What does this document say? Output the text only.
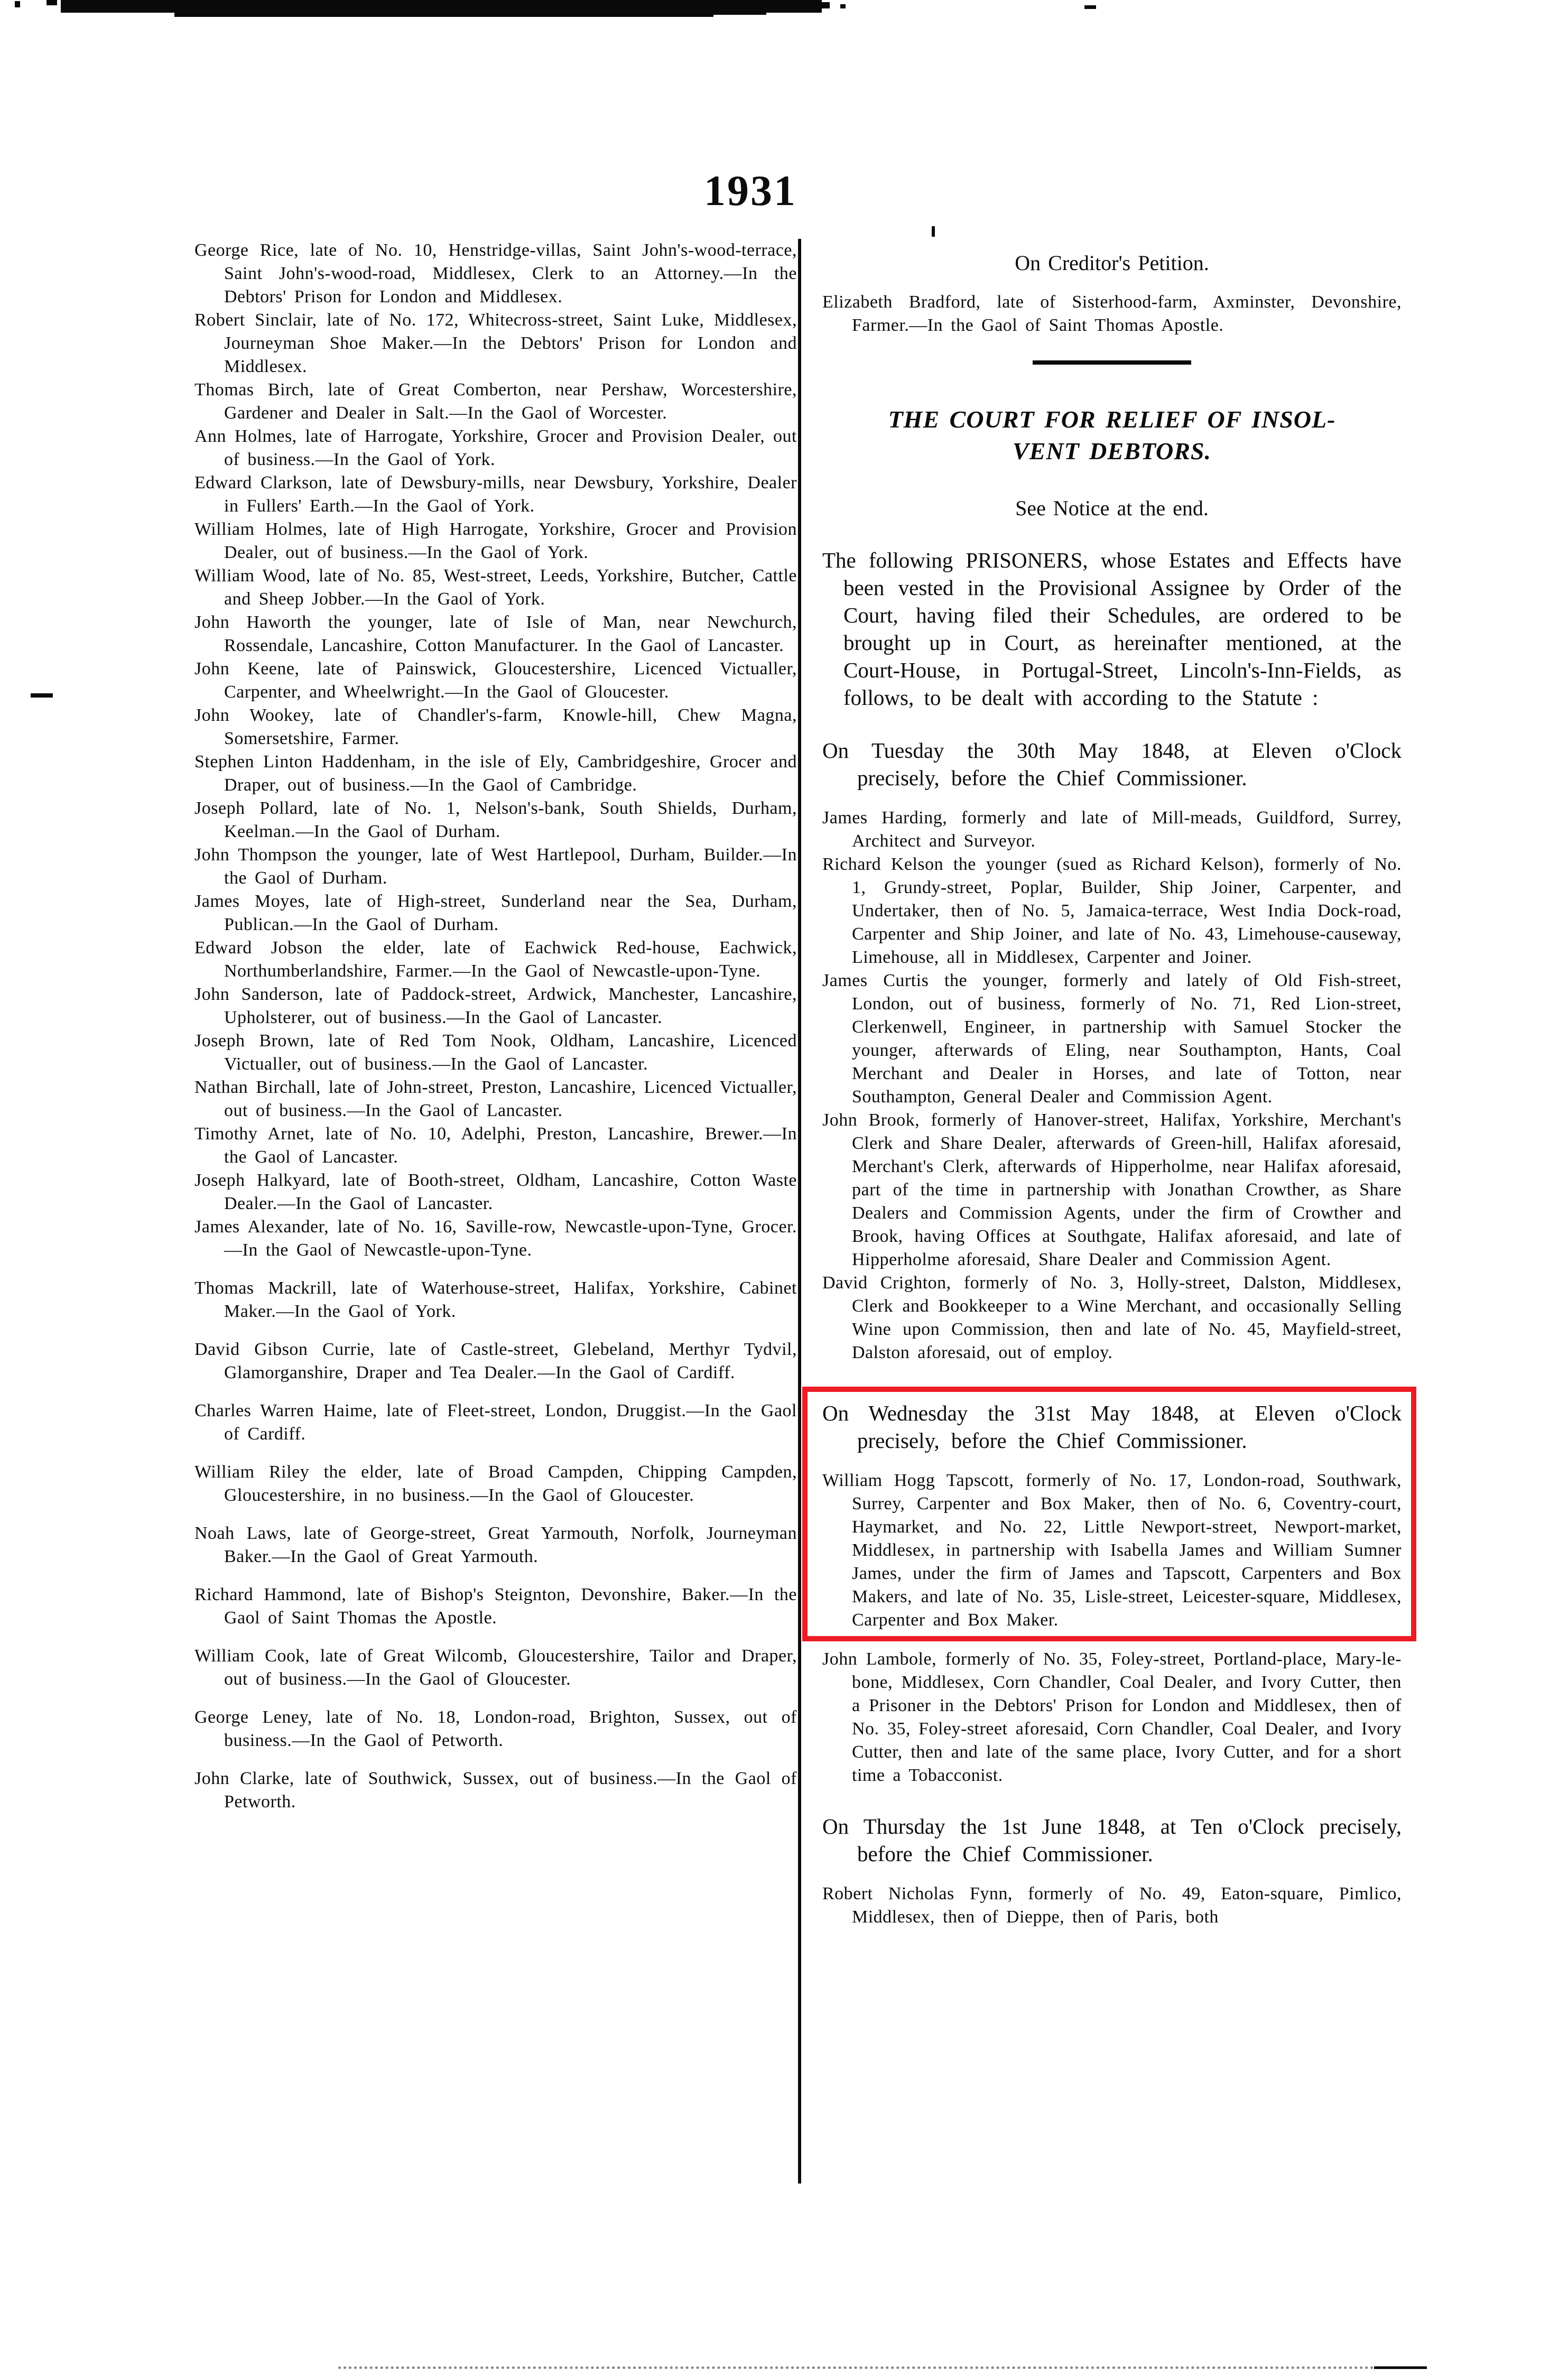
1931

George Rice, late of No. 10, Henstridge-villas, Saint John's-wood-terrace, Saint John's-wood-road, Middlesex, Clerk to an Attorney.—In the Debtors' Prison for London and Middlesex.

Robert Sinclair, late of No. 172, Whitecross-street, Saint Luke, Middlesex, Journeyman Shoe Maker.—In the Debtors' Prison for London and Middlesex.

Thomas Birch, late of Great Comberton, near Pershaw, Worcestershire, Gardener and Dealer in Salt.—In the Gaol of Worcester.

Ann Holmes, late of Harrogate, Yorkshire, Grocer and Provision Dealer, out of business.—In the Gaol of York.

Edward Clarkson, late of Dewsbury-mills, near Dewsbury, Yorkshire, Dealer in Fullers' Earth.—In the Gaol of York.

William Holmes, late of High Harrogate, Yorkshire, Grocer and Provision Dealer, out of business.—In the Gaol of York.

William Wood, late of No. 85, West-street, Leeds, Yorkshire, Butcher, Cattle and Sheep Jobber.—In the Gaol of York.

John Haworth the younger, late of Isle of Man, near Newchurch, Rossendale, Lancashire, Cotton Manufacturer. In the Gaol of Lancaster.

John Keene, late of Painswick, Gloucestershire, Licenced Victualler, Carpenter, and Wheelwright.—In the Gaol of Gloucester.

John Wookey, late of Chandler's-farm, Knowle-hill, Chew Magna, Somersetshire, Farmer.

Stephen Linton Haddenham, in the isle of Ely, Cambridgeshire, Grocer and Draper, out of business.—In the Gaol of Cambridge.

Joseph Pollard, late of No. 1, Nelson's-bank, South Shields, Durham, Keelman.—In the Gaol of Durham.

John Thompson the younger, late of West Hartlepool, Durham, Builder.—In the Gaol of Durham.

James Moyes, late of High-street, Sunderland near the Sea, Durham, Publican.—In the Gaol of Durham.

Edward Jobson the elder, late of Eachwick Red-house, Eachwick, Northumberlandshire, Farmer.—In the Gaol of Newcastle-upon-Tyne.

John Sanderson, late of Paddock-street, Ardwick, Manchester, Lancashire, Upholsterer, out of business.—In the Gaol of Lancaster.

Joseph Brown, late of Red Tom Nook, Oldham, Lancashire, Licenced Victualler, out of business.—In the Gaol of Lancaster.

Nathan Birchall, late of John-street, Preston, Lancashire, Licenced Victualler, out of business.—In the Gaol of Lancaster.

Timothy Arnet, late of No. 10, Adelphi, Preston, Lancashire, Brewer.—In the Gaol of Lancaster.

Joseph Halkyard, late of Booth-street, Oldham, Lancashire, Cotton Waste Dealer.—In the Gaol of Lancaster.

James Alexander, late of No. 16, Saville-row, Newcastle-upon-Tyne, Grocer.—In the Gaol of Newcastle-upon-Tyne.

Thomas Mackrill, late of Waterhouse-street, Halifax, Yorkshire, Cabinet Maker.—In the Gaol of York.

David Gibson Currie, late of Castle-street, Glebeland, Merthyr Tydvil, Glamorganshire, Draper and Tea Dealer.—In the Gaol of Cardiff.

Charles Warren Haime, late of Fleet-street, London, Druggist.—In the Gaol of Cardiff.

William Riley the elder, late of Broad Campden, Chipping Campden, Gloucestershire, in no business.—In the Gaol of Gloucester.

Noah Laws, late of George-street, Great Yarmouth, Norfolk, Journeyman Baker.—In the Gaol of Great Yarmouth.

Richard Hammond, late of Bishop's Steignton, Devonshire, Baker.—In the Gaol of Saint Thomas the Apostle.

William Cook, late of Great Wilcomb, Gloucestershire, Tailor and Draper, out of business.—In the Gaol of Gloucester.

George Leney, late of No. 18, London-road, Brighton, Sussex, out of business.—In the Gaol of Petworth.

John Clarke, late of Southwick, Sussex, out of business.—In the Gaol of Petworth.

On Creditor's Petition.

Elizabeth Bradford, late of Sisterhood-farm, Axminster, Devonshire, Farmer.—In the Gaol of Saint Thomas Apostle.

THE COURT FOR RELIEF OF INSOL-
VENT DEBTORS.

See Notice at the end.

The following PRISONERS, whose Estates and Effects have been vested in the Provisional Assignee by Order of the Court, having filed their Schedules, are ordered to be brought up in Court, as hereinafter mentioned, at the Court-House, in Portugal-Street, Lincoln's-Inn-Fields, as follows, to be dealt with according to the Statute :

On Tuesday the 30th May 1848, at Eleven o'Clock precisely, before the Chief Commissioner.

James Harding, formerly and late of Mill-meads, Guildford, Surrey, Architect and Surveyor.

Richard Kelson the younger (sued as Richard Kelson), formerly of No. 1, Grundy-street, Poplar, Builder, Ship Joiner, Carpenter, and Undertaker, then of No. 5, Jamaica-terrace, West India Dock-road, Carpenter and Ship Joiner, and late of No. 43, Limehouse-causeway, Limehouse, all in Middlesex, Carpenter and Joiner.

James Curtis the younger, formerly and lately of Old Fish-street, London, out of business, formerly of No. 71, Red Lion-street, Clerkenwell, Engineer, in partnership with Samuel Stocker the younger, afterwards of Eling, near Southampton, Hants, Coal Merchant and Dealer in Horses, and late of Totton, near Southampton, General Dealer and Commission Agent.

John Brook, formerly of Hanover-street, Halifax, Yorkshire, Merchant's Clerk and Share Dealer, afterwards of Green-hill, Halifax aforesaid, Merchant's Clerk, afterwards of Hipperholme, near Halifax aforesaid, part of the time in partnership with Jonathan Crowther, as Share Dealers and Commission Agents, under the firm of Crowther and Brook, having Offices at Southgate, Halifax aforesaid, and late of Hipperholme aforesaid, Share Dealer and Commission Agent.

David Crighton, formerly of No. 3, Holly-street, Dalston, Middlesex, Clerk and Bookkeeper to a Wine Merchant, and occasionally Selling Wine upon Commission, then and late of No. 45, Mayfield-street, Dalston aforesaid, out of employ.

On Wednesday the 31st May 1848, at Eleven o'Clock precisely, before the Chief Commissioner.

William Hogg Tapscott, formerly of No. 17, London-road, Southwark, Surrey, Carpenter and Box Maker, then of No. 6, Coventry-court, Haymarket, and No. 22, Little Newport-street, Newport-market, Middlesex, in partnership with Isabella James and William Sumner James, under the firm of James and Tapscott, Carpenters and Box Makers, and late of No. 35, Lisle-street, Leicester-square, Middlesex, Carpenter and Box Maker.

John Lambole, formerly of No. 35, Foley-street, Portland-place, Mary-le-bone, Middlesex, Corn Chandler, Coal Dealer, and Ivory Cutter, then a Prisoner in the Debtors' Prison for London and Middlesex, then of No. 35, Foley-street aforesaid, Corn Chandler, Coal Dealer, and Ivory Cutter, then and late of the same place, Ivory Cutter, and for a short time a Tobacconist.

On Thursday the 1st June 1848, at Ten o'Clock precisely, before the Chief Commissioner.

Robert Nicholas Fynn, formerly of No. 49, Eaton-square, Pimlico, Middlesex, then of Dieppe, then of Paris, both
